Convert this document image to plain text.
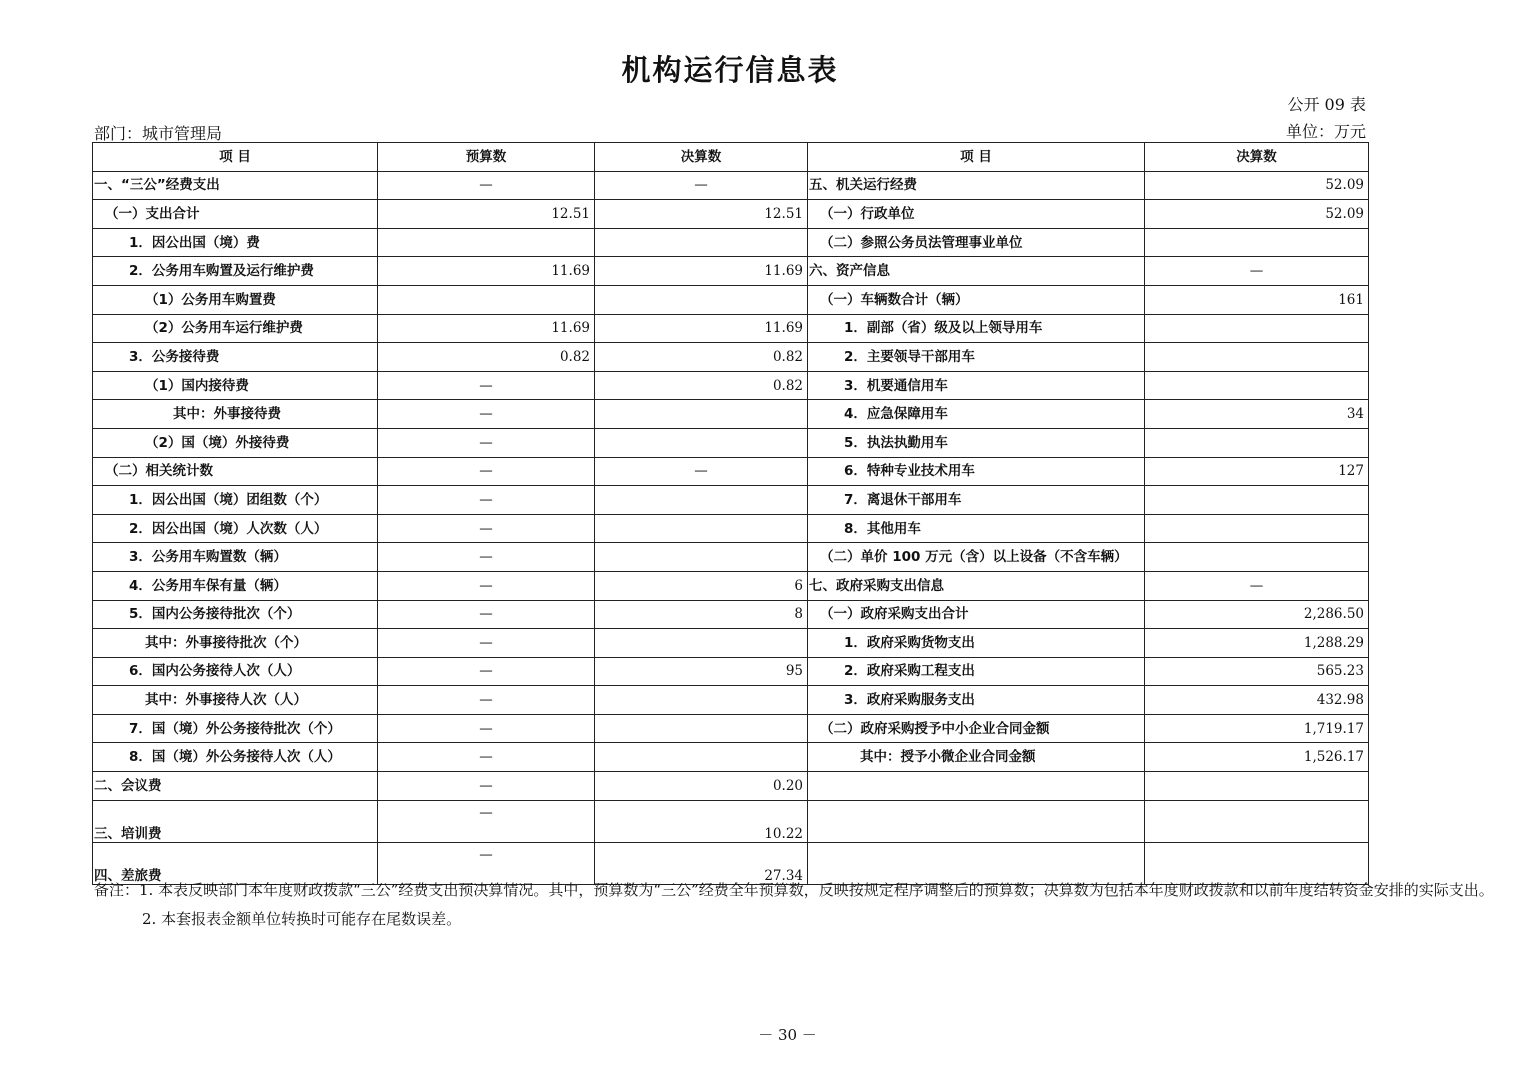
机构运行信息表
公开 09 表
部门：城市管理局	单位：万元
项 目	预算数	决算数	项 目	决算数
一、“三公”经费支出	—	—	五、机关运行经费	52.09
（一）支出合计	12.51	12.51	（一）行政单位	52.09
1．因公出国（境）费			（二）参照公务员法管理事业单位	
2．公务用车购置及运行维护费	11.69	11.69	六、资产信息	—
（1）公务用车购置费			（一）车辆数合计（辆）	161
（2）公务用车运行维护费	11.69	11.69	1．副部（省）级及以上领导用车	
3．公务接待费	0.82	0.82	2．主要领导干部用车	
（1）国内接待费	—	0.82	3．机要通信用车	
其中：外事接待费	—		4．应急保障用车	34
（2）国（境）外接待费	—		5．执法执勤用车	
（二）相关统计数	—	—	6．特种专业技术用车	127
1．因公出国（境）团组数（个）	—		7．离退休干部用车	
2．因公出国（境）人次数（人）	—		8．其他用车	
3．公务用车购置数（辆）	—		（二）单价 100 万元（含）以上设备（不含车辆）	
4．公务用车保有量（辆）	—	6	七、政府采购支出信息	—
5．国内公务接待批次（个）	—	8	（一）政府采购支出合计	2,286.50
其中：外事接待批次（个）	—		1．政府采购货物支出	1,288.29
6．国内公务接待人次（人）	—	95	2．政府采购工程支出	565.23
其中：外事接待人次（人）	—		3．政府采购服务支出	432.98
7．国（境）外公务接待批次（个）	—		（二）政府采购授予中小企业合同金额	1,719.17
8．国（境）外公务接待人次（人）	—		其中：授予小微企业合同金额	1,526.17
二、会议费	—	0.20		
三、培训费	—	10.22		
四、差旅费	—	27.34		

备注：1. 本表反映部门本年度财政拨款“三公”经费支出预决算情况。其中，预算数为“三公”经费全年预算数，反映按规定程序调整后的预算数；决算数为包括本年度财政拨款和以前年度结转资金安排的实际支出。

2. 本套报表金额单位转换时可能存在尾数误差。

－ 30 －
